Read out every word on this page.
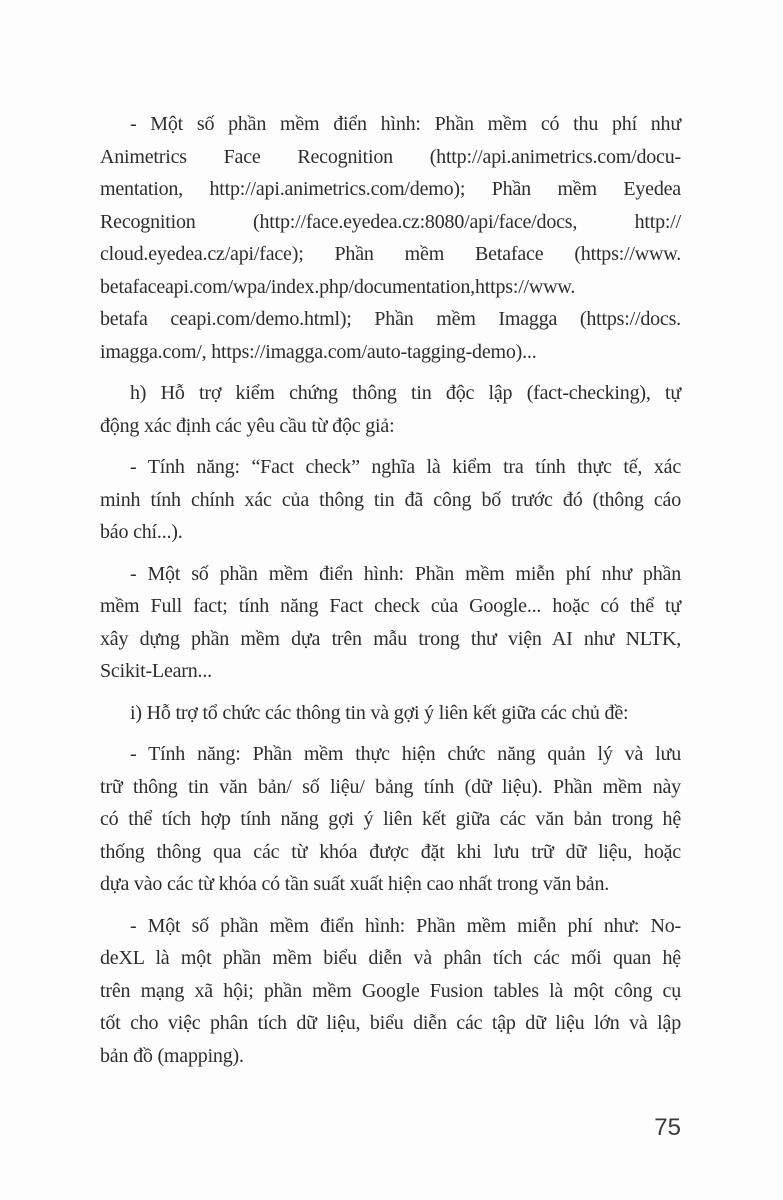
- Một số phần mềm điển hình: Phần mềm có thu phí như
Animetrics Face Recognition (http://api.animetrics.com/docu-
mentation, http://api.animetrics.com/demo); Phần mềm Eyedea
Recognition (http://face.eyedea.cz:8080/api/face/docs, http://
cloud.eyedea.cz/api/face); Phần mềm Betaface (https://www.
betafaceapi.com/wpa/index.php/documentation,https://www.
betafa ceapi.com/demo.html); Phần mềm Imagga (https://docs.
imagga.com/, https://imagga.com/auto-tagging-demo)...
h) Hỗ trợ kiểm chứng thông tin độc lập (fact-checking), tự
động xác định các yêu cầu từ độc giả:
- Tính năng: “Fact check” nghĩa là kiểm tra tính thực tế, xác
minh tính chính xác của thông tin đã công bố trước đó (thông cáo
báo chí...).
- Một số phần mềm điển hình: Phần mềm miễn phí như phần
mềm Full fact; tính năng Fact check của Google... hoặc có thể tự
xây dựng phần mềm dựa trên mẫu trong thư viện AI như NLTK,
Scikit-Learn...
i) Hỗ trợ tổ chức các thông tin và gợi ý liên kết giữa các chủ đề:
- Tính năng: Phần mềm thực hiện chức năng quản lý và lưu
trữ thông tin văn bản/ số liệu/ bảng tính (dữ liệu). Phần mềm này
có thể tích hợp tính năng gợi ý liên kết giữa các văn bản trong hệ
thống thông qua các từ khóa được đặt khi lưu trữ dữ liệu, hoặc
dựa vào các từ khóa có tần suất xuất hiện cao nhất trong văn bản.
- Một số phần mềm điển hình: Phần mềm miễn phí như: No-
deXL là một phần mềm biểu diễn và phân tích các mối quan hệ
trên mạng xã hội; phần mềm Google Fusion tables là một công cụ
tốt cho việc phân tích dữ liệu, biểu diễn các tập dữ liệu lớn và lập
bản đồ (mapping).
75
